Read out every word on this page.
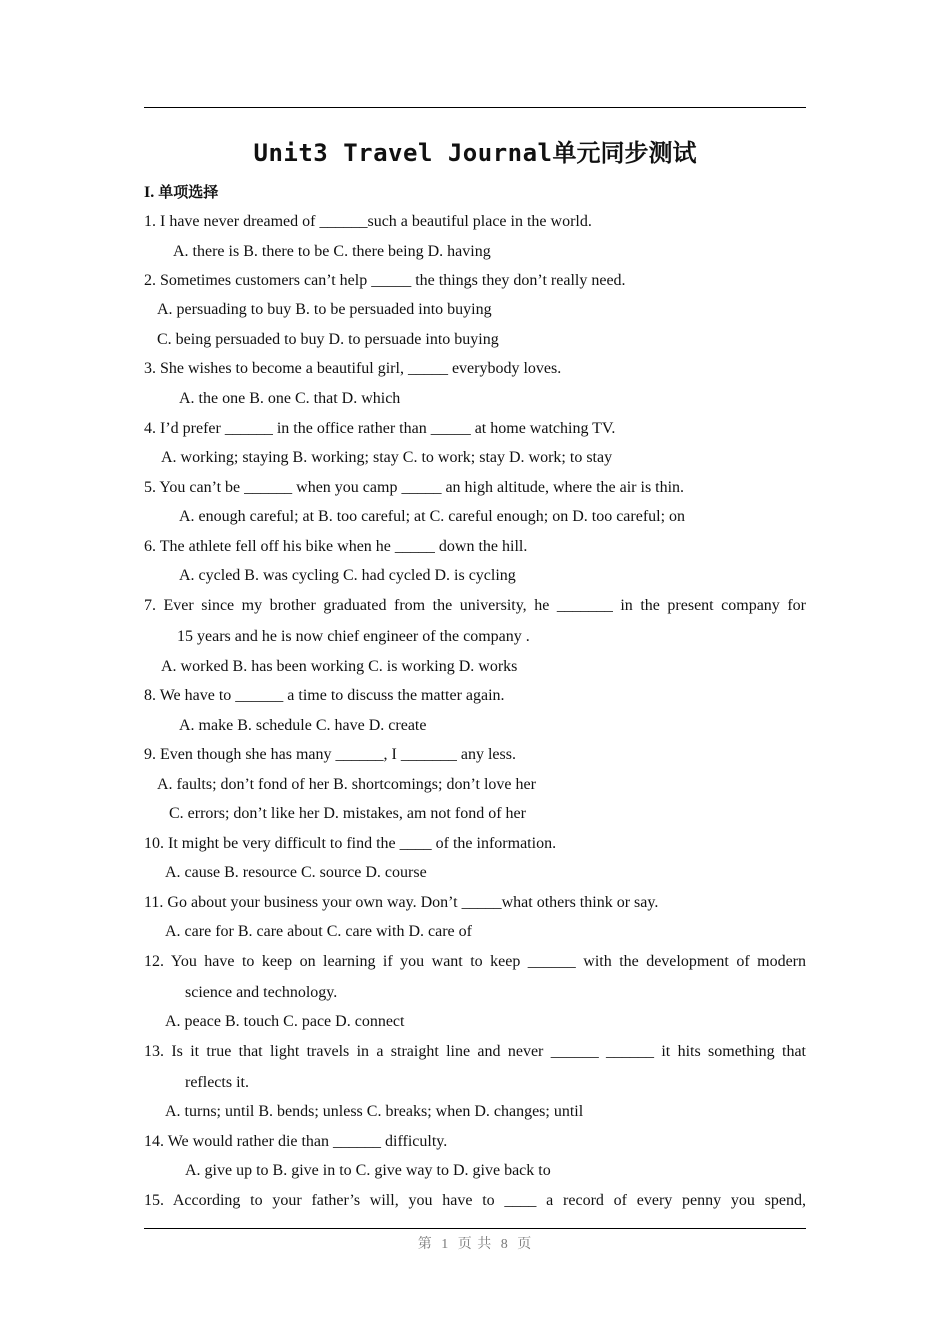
Unit3 Travel Journal单元同步测试
I. 单项选择
1. I have never dreamed of ______such a beautiful place in the world.
A. there is B. there to be C. there being D. having
2. Sometimes customers can’t help _____ the things they don’t really need.
A. persuading to buy B. to be persuaded into buying
C. being persuaded to buy D. to persuade into buying
3. She wishes to become a beautiful girl, _____ everybody loves.
A. the one B. one C. that D. which
4. I’d prefer ______ in the office rather than _____ at home watching TV.
A. working; staying B. working; stay C. to work; stay D. work; to stay
5. You can’t be ______ when you camp _____ an high altitude, where the air is thin.
A. enough careful; at B. too careful; at C. careful enough; on D. too careful; on
6. The athlete fell off his bike when he _____ down the hill.
A. cycled B. was cycling C. had cycled D. is cycling
7. Ever since my brother graduated from the university, he _______ in the present company for
15 years and he is now chief engineer of the company .
A. worked B. has been working C. is working D. works
8. We have to ______ a time to discuss the matter again.
A. make B. schedule C. have D. create
9. Even though she has many ______, I _______ any less.
A. faults; don’t fond of her B. shortcomings; don’t love her
C. errors; don’t like her D. mistakes, am not fond of her
10. It might be very difficult to find the ____ of the information.
A. cause B. resource C. source D. course
11. Go about your business your own way. Don’t _____what others think or say.
A. care for B. care about C. care with D. care of
12. You have to keep on learning if you want to keep ______ with the development of modern
science and technology.
A. peace B. touch C. pace D. connect
13. Is it true that light travels in a straight line and never ______ ______ it hits something that
reflects it.
A. turns; until B. bends; unless C. breaks; when D. changes; until
14. We would rather die than ______ difficulty.
A. give up to B. give in to C. give way to D. give back to
15. According to your father’s will, you have to ____ a record of every penny you spend,
第 1 页 共 8 页
